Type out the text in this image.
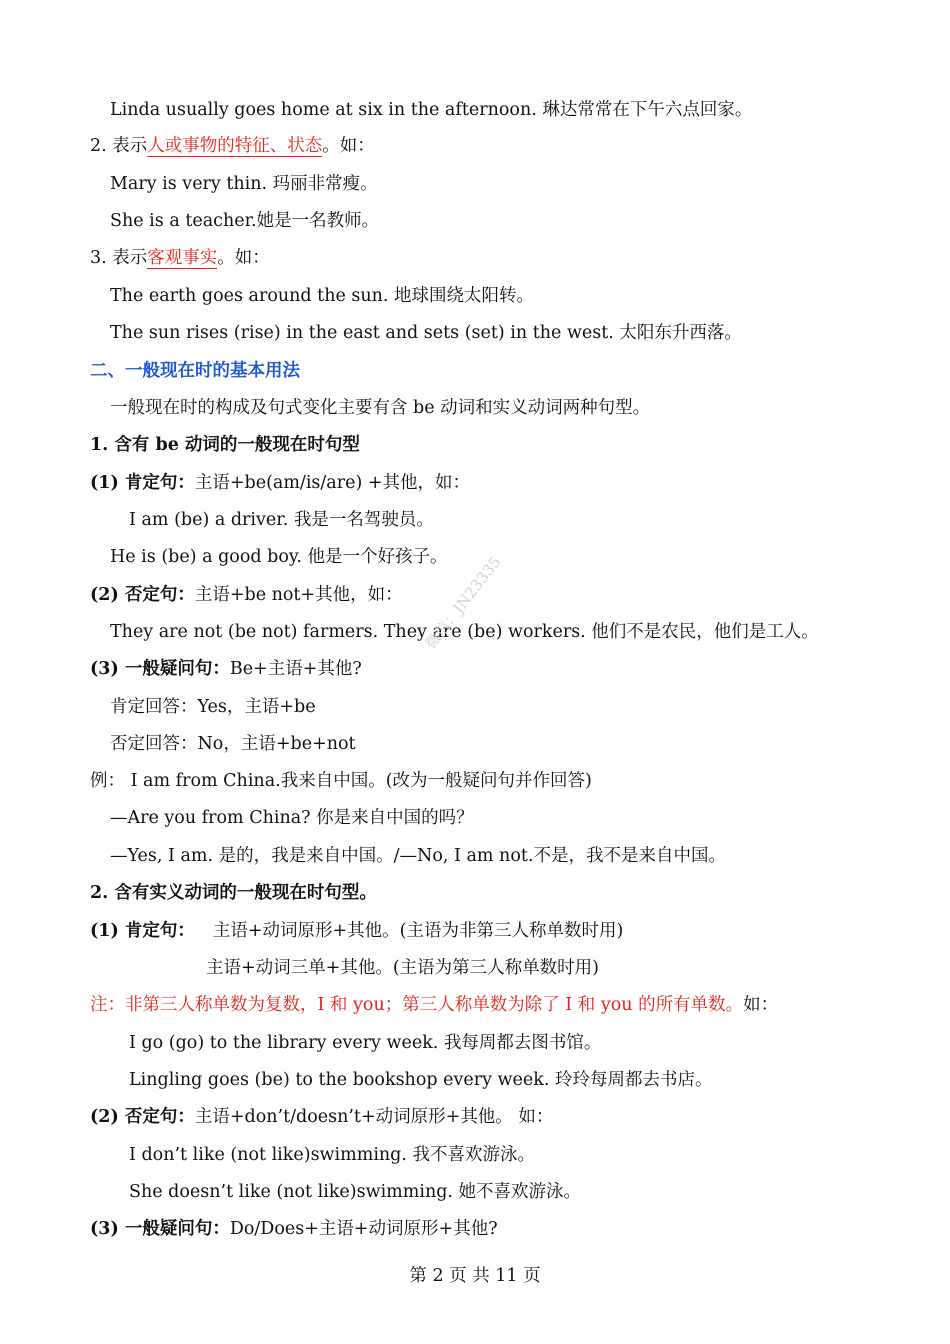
Linda usually goes home at six in the afternoon. 琳达常常在下午六点回家。
2. 表示人或事物的特征、状态。如：
Mary is very thin. 玛丽非常瘦。
She is a teacher.她是一名教师。
3. 表示客观事实。如：
The earth goes around the sun. 地球围绕太阳转。
The sun rises (rise) in the east and sets (set) in the west. 太阳东升西落。
二、一般现在时的基本用法
一般现在时的构成及句式变化主要有含 be 动词和实义动词两种句型。
1. 含有 be 动词的一般现在时句型
(1) 肯定句：主语+be(am/is/are) +其他，如：
I am (be) a driver. 我是一名驾驶员。
He is (be) a good boy. 他是一个好孩子。
(2) 否定句：主语+be not+其他，如：
They are not (be not) farmers. They are (be) workers. 他们不是农民，他们是工人。
(3) 一般疑问句：Be+主语+其他?
肯定回答：Yes，主语+be
否定回答：No，主语+be+not
例： I am from China.我来自中国。(改为一般疑问句并作回答)
—Are you from China? 你是来自中国的吗？
—Yes, I am. 是的，我是来自中国。/—No, I am not.不是，我不是来自中国。
2. 含有实义动词的一般现在时句型。
(1) 肯定句： 主语+动词原形+其他。(主语为非第三人称单数时用)
主语+动词三单+其他。(主语为第三人称单数时用)
注：非第三人称单数为复数，I 和 you；第三人称单数为除了 I 和 you 的所有单数。如：
I go (go) to the library every week. 我每周都去图书馆。
Lingling goes (be) to the bookshop every week. 玲玲每周都去书店。
(2) 否定句：主语+don’t/doesn’t+动词原形+其他。 如：
I don’t like (not like)swimming. 我不喜欢游泳。
She doesn’t like (not like)swimming. 她不喜欢游泳。
(3) 一般疑问句：Do/Does+主语+动词原形+其他?
微信：JN23335
第 2 页 共 11 页
